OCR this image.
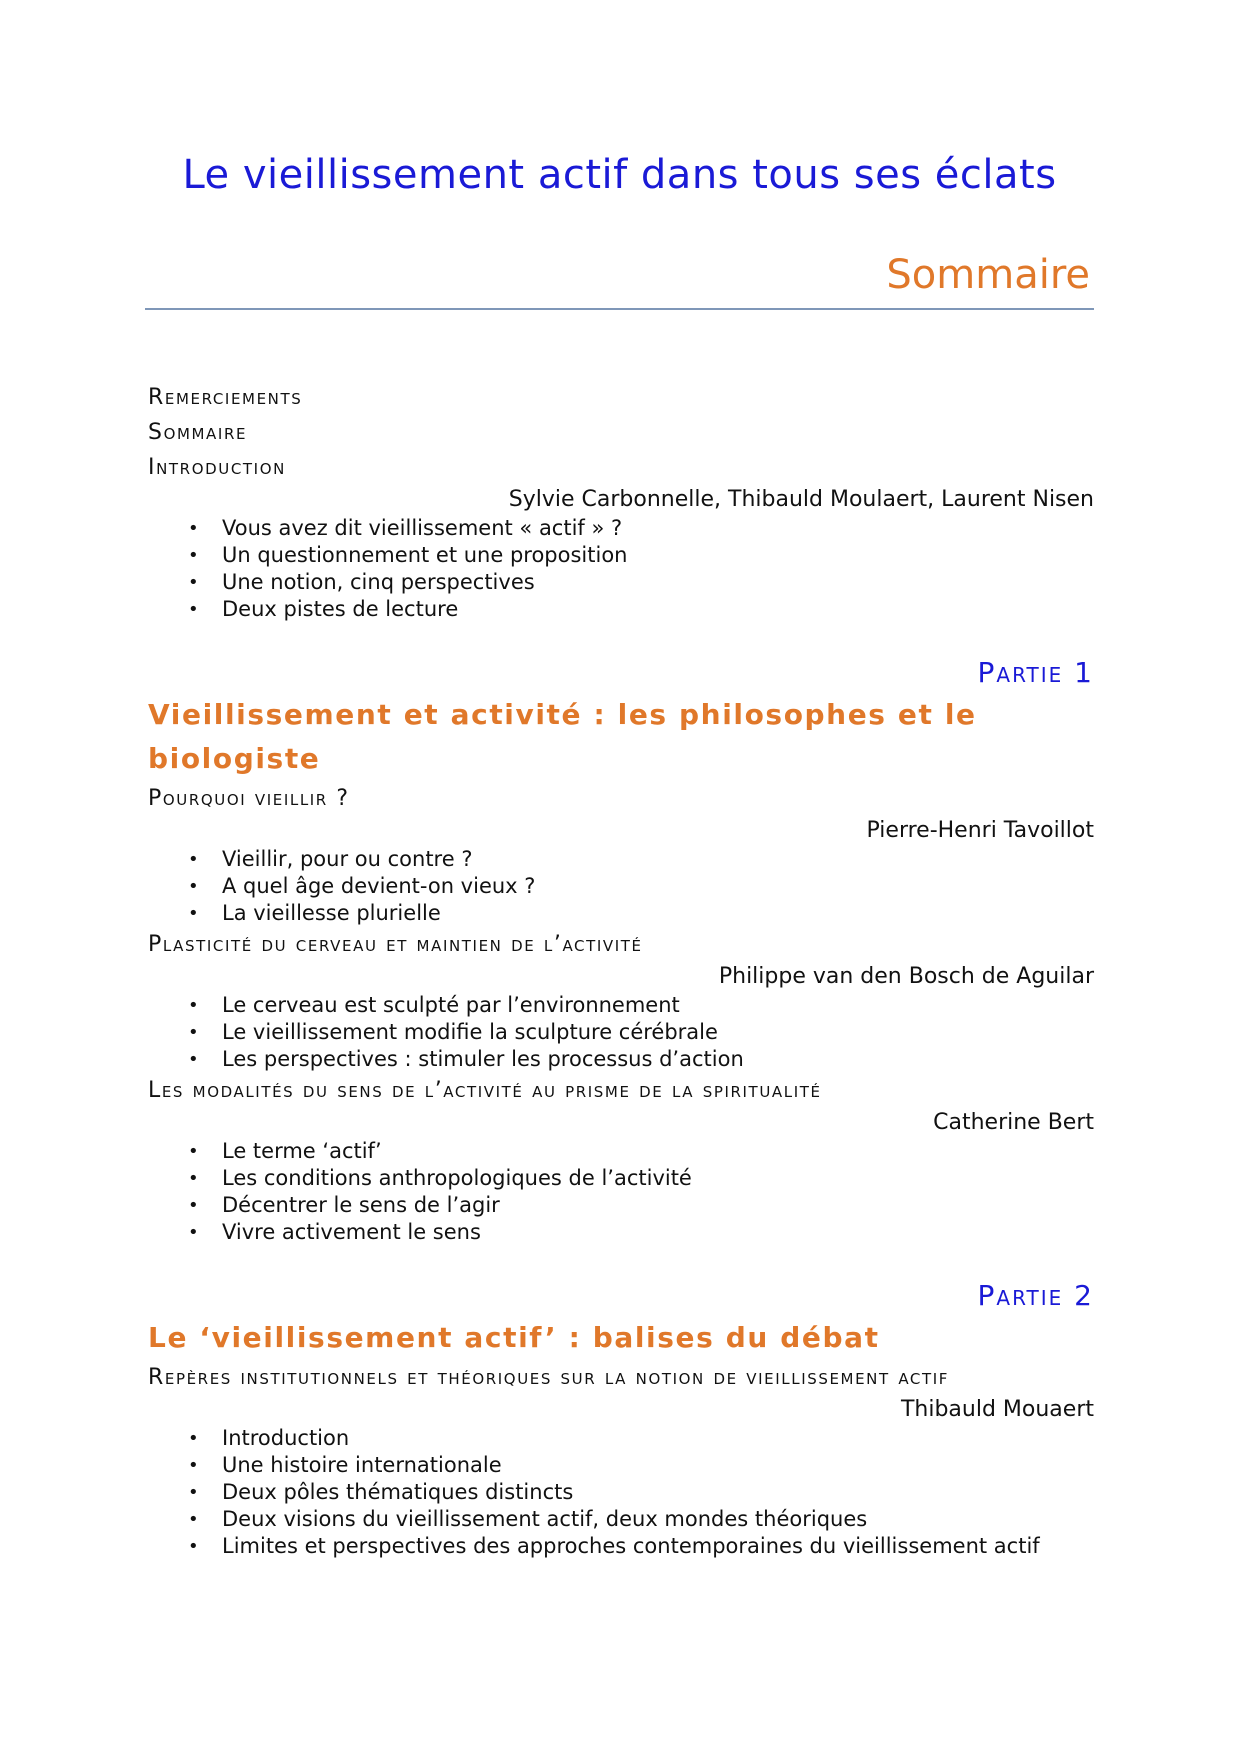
Le vieillissement actif dans tous ses éclats
Sommaire

Remerciements

Sommaire

Introduction

Sylvie Carbonnelle, Thibauld Moulaert, Laurent Nisen

• Vous avez dit vieillissement « actif » ?
• Un questionnement et une proposition
• Une notion, cinq perspectives
• Deux pistes de lecture

Partie 1

Vieillissement et activité : les philosophes et le biologiste

Pourquoi vieillir ?

Pierre-Henri Tavoillot

• Vieillir, pour ou contre ?
• A quel âge devient-on vieux ?
• La vieillesse plurielle

Plasticité du cerveau et maintien de l’activité

Philippe van den Bosch de Aguilar

• Le cerveau est sculpté par l’environnement
• Le vieillissement modifie la sculpture cérébrale
• Les perspectives : stimuler les processus d’action

Les modalités du sens de l’activité au prisme de la spiritualité

Catherine Bert

• Le terme ‘actif’
• Les conditions anthropologiques de l’activité
• Décentrer le sens de l’agir
• Vivre activement le sens

Partie 2

Le ‘vieillissement actif’ : balises du débat

Repères institutionnels et théoriques sur la notion de vieillissement actif

Thibauld Mouaert

• Introduction
• Une histoire internationale
• Deux pôles thématiques distincts
• Deux visions du vieillissement actif, deux mondes théoriques
• Limites et perspectives des approches contemporaines du vieillissement actif
